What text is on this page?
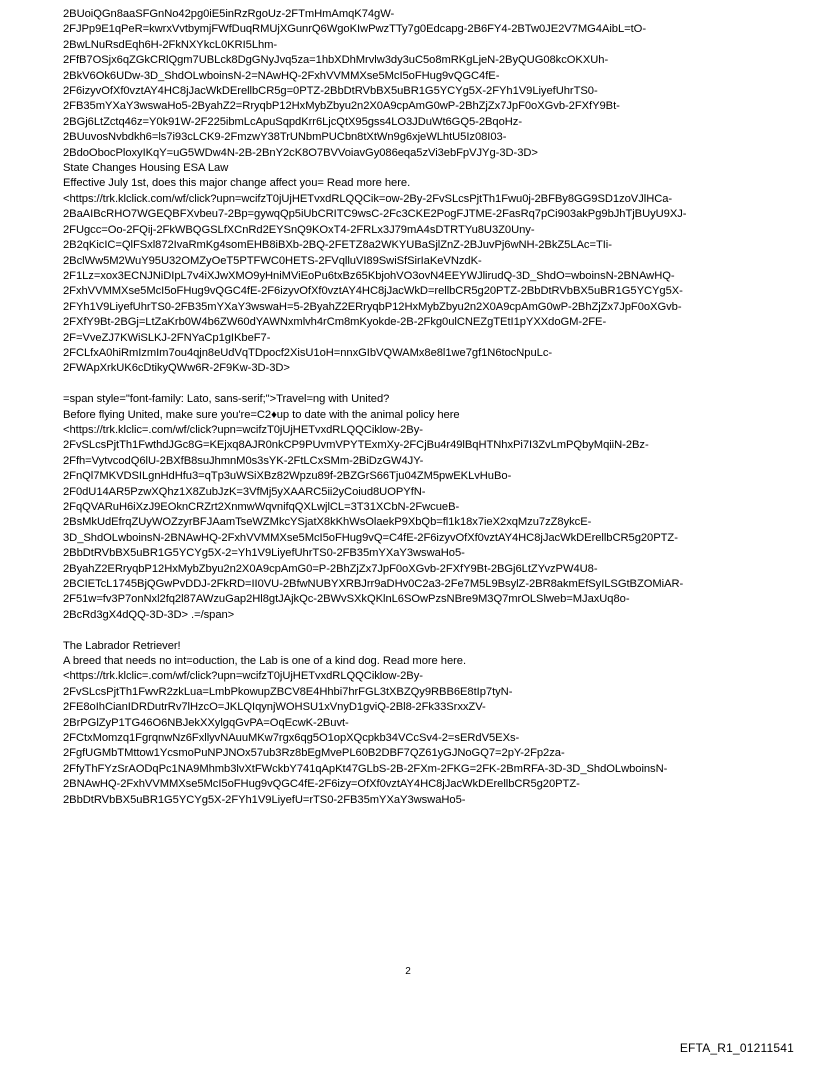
2BUoiQGn8aaSFGnNo42pg0iE5inRzRgoUz-2FTmHmAmqK74gW-
2FJPp9E1qPeR=kwrxVvtbymjFWfDuqRMUjXGunrQ6WgoKIwPwzTTy7g0Edcapg-2B6FY4-2BTw0JE2V7MG4AibL=tO-
2BwLNuRsdEqh6H-2FkNXYkcL0KRI5Lhm-
2FfB7OSjx6qZGkCRlQgm7UBLck8DgGNyJvq5za=1hbXDhMrvlw3dy3uC5o8mRKgLjeN-2ByQUG08kcOKXUh-
2BkV6Ok6UDw-3D_ShdOLwboinsN-2=NAwHQ-2FxhVVMMXse5McI5oFHug9vQGC4fE-
2F6izyvOfXf0vztAY4HC8jJacWkDErellbCR5g=0PTZ-2BbDtRVbBX5uBR1G5YCYg5X-2FYh1V9LiyefUhrTS0-
2FB35mYXaY3wswaHo5-2ByahZ2=RryqbP12HxMybZbyu2n2X0A9cpAmG0wP-2BhZjZx7JpF0oXGvb-2FXfY9Bt-
2BGj6LtZctq46z=Y0k91W-2F225ibmLcApuSqpdKrr6LjcQtX95gss4LO3JDuWt6GQ5-2BqoHz-
2BUuvosNvbdkh6=ls7i93cLCK9-2FmzwY38TrUNbmPUCbn8tXtWn9g6xjeWLhtU5Iz08I03-
2BdoObocPloxyIKqY=uG5WDw4N-2B-2BnY2cK8O7BVVoiavGy086eqa5zVi3ebFpVJYg-3D-3D>
State Changes Housing ESA Law
Effective July 1st, does this major change affect you= Read more here.
<https://trk.klclick.com/wf/click?upn=wcifzT0jUjHETvxdRLQQCik=ow-2By-2FvSLcsPjtTh1Fwu0j-2BFBy8GG9SD1zoVJlHCa-
2BaAIBcRHO7WGEQBFXvbeu7-2Bp=gywqQp5iUbCRITC9wsC-2Fc3CKE2PogFJTME-2FasRq7pCi903akPg9bJhTjBUyU9XJ-
2FUgcc=Oo-2FQij-2FkWBQGSLfXCnRd2EYSnQ9KOxT4-2FRLx3J79mA4sDTRTYu8U3Z0Uny-
2B2qKicIC=QlFSxl872IvaRmKg4somEHB8iBXb-2BQ-2FETZ8a2WKYUBaSjlZnZ-2BJuvPj6wNH-2BkZ5LAc=TIi-
2BclWw5M2WuY95U32OMZyOeT5PTFWC0HETS-2FVqlluVI89SwiSfSirIaKeVNzdK-
2F1Lz=xox3ECNJNiDIpL7v4iXJwXMO9yHniMViEoPu6txBz65KbjohVO3ovN4EEYWJlirudQ-3D_ShdO=wboinsN-2BNAwHQ-
2FxhVVMMXse5McI5oFHug9vQGC4fE-2F6izyvOfXf0vztAY4HC8jJacWkD=rellbCR5g20PTZ-2BbDtRVbBX5uBR1G5YCYg5X-
2FYh1V9LiyefUhrTS0-2FB35mYXaY3wswaH=5-2ByahZ2ERryqbP12HxMybZbyu2n2X0A9cpAmG0wP-2BhZjZx7JpF0oXGvb-
2FXfY9Bt-2BGj=LtZaKrb0W4b6ZW60dYAWNxmlvh4rCm8mKyokde-2B-2Fkg0ulCNEZgTEtI1pYXXdoGM-2FE-
2F=VveZJ7KWiSLKJ-2FNYaCp1gIKbeF7-
2FCLfxA0hiRmIzmIm7ou4qjn8eUdVqTDpocf2XisU1oH=nnxGIbVQWAMx8e8l1we7gf1N6tocNpuLc-
2FWApXrkUK6cDtikyQWw6R-2F9Kw-3D-3D>
=span style="font-family: Lato, sans-serif;">Travel=ng with United?
Before flying United, make sure you're=C2♦up to date with the animal policy here
<https://trk.klclic=.com/wf/click?upn=wcifzT0jUjHETvxdRLQQCiklow-2By-
2FvSLcsPjtTh1FwthdJGc8G=KEjxq8AJR0nkCP9PUvmVPYTExmXy-2FCjBu4r49lBqHTNhxPi7I3ZvLmPQbyMqiiN-2Bz-
2Ffh=VytvcodQ6lU-2BXfB8suJhmnM0s3sYK-2FtLCxSMm-2BiDzGW4JY-
2FnQl7MKVDSILgnHdHfu3=qTp3uWSiXBz82Wpzu89f-2BZGrS66Tju04ZM5pwEKLvHuBo-
2F0dU14AR5PzwXQhz1X8ZubJzK=3VfMj5yXAARC5ii2yCoiud8UOPYfN-
2FqQVARuH6iXzJ9EOknCRZrt2XnmwWqvnifqQXLwjlCL=3T31XCbN-2FwcueB-
2BsMkUdEfrqZUyWOZzyrBFJAamTseWZMkcYSjatX8kKhWsOlaekP9XbQb=fl1k18x7ieX2xqMzu7zZ8ykcE-
3D_ShdOLwboinsN-2BNAwHQ-2FxhVVMMXse5McI5oFHug9vQ=C4fE-2F6izyvOfXf0vztAY4HC8jJacWkDErellbCR5g20PTZ-
2BbDtRVbBX5uBR1G5YCYg5X-2=Yh1V9LiyefUhrTS0-2FB35mYXaY3wswaHo5-
2ByahZ2ERryqbP12HxMybZbyu2n2X0A9cpAmG0=P-2BhZjZx7JpF0oXGvb-2FXfY9Bt-2BGj6LtZYvzPW4U8-
2BCIETcL1745BjQGwPvDDJ-2FkRD=II0VU-2BfwNUBYXRBJrr9aDHv0C2a3-2Fe7M5L9BsylZ-2BR8akmEfSyILSGtBZOMiAR-
2F51w=fv3P7onNxl2fq2l87AWzuGap2Hl8gtJAjkQc-2BWvSXkQKlnL6SOwPzsNBre9M3Q7mrOLSlweb=MJaxUq8o-
2BcRd3gX4dQQ-3D-3D> .=/span>
The Labrador Retriever!
A breed that needs no int=oduction, the Lab is one of a kind dog. Read more here.
<https://trk.klclic=.com/wf/click?upn=wcifzT0jUjHETvxdRLQQCiklow-2By-
2FvSLcsPjtTh1FwvR2zkLua=LmbPkowupZBCV8E4Hhbi7hrFGL3tXBZQy9RBB6E8tIp7tyN-
2FE8oIhCianIDRDutrRv7lHzcO=JKLQIqynjWOHSU1xVnyD1gviQ-2Bl8-2Fk33SrxxZV-
2BrPGlZyP1TG46O6NBJekXXylgqGvPA=OqEcwK-2Buvt-
2FCtxMomzq1FgrqnwNz6FxllyvNAuuMKw7rgx6qg5O1opXQcpkb34VCcSv4-2=sERdV5EXs-
2FgfUGMbTMttow1YcsmoPuNPJNOx57ub3Rz8bEgMvePL60B2DBF7QZ61yGJNoGQ7=2pY-2Fp2za-
2FfyThFYzSrAODqPc1NA9Mhmb3lvXtFWckbY741qApKt47GLbS-2B-2FXm-2FKG=2FK-2BmRFA-3D-3D_ShdOLwboinsN-
2BNAwHQ-2FxhVVMMXse5McI5oFHug9vQGC4fE-2F6izy=OfXf0vztAY4HC8jJacWkDErellbCR5g20PTZ-
2BbDtRVbBX5uBR1G5YCYg5X-2FYh1V9LiyefU=rTS0-2FB35mYXaY3wswaHo5-
2
EFTA_R1_01211541
